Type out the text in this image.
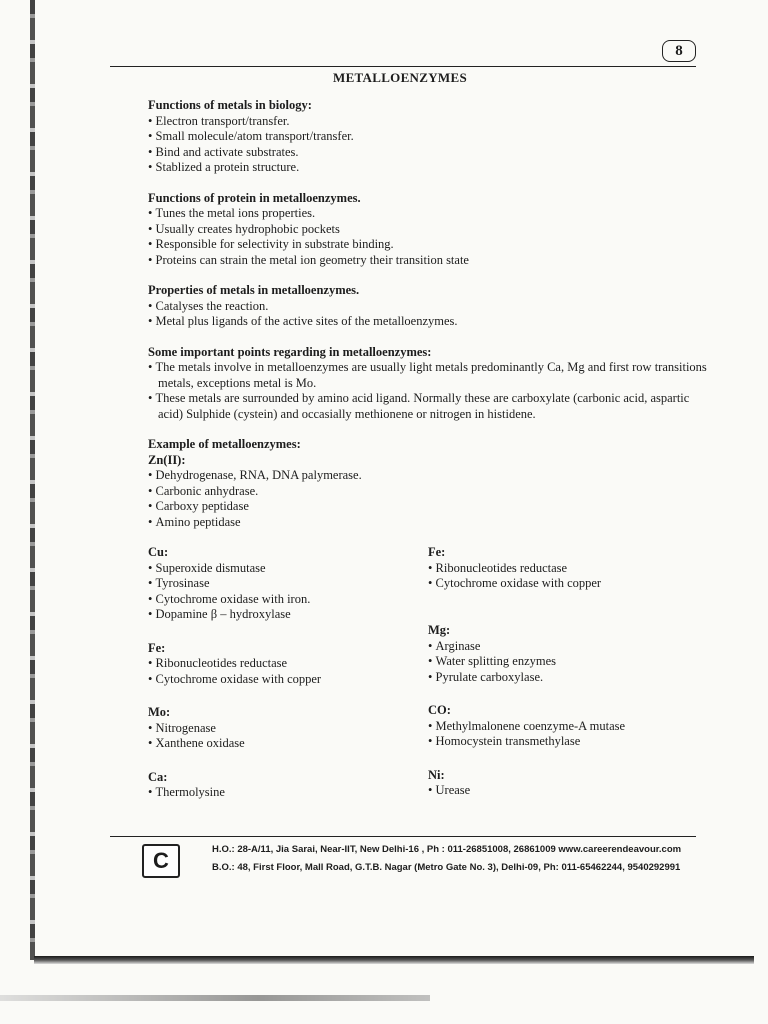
8
METALLOENZYMES
Functions of metals in biology:
• Electron transport/transfer.
• Small molecule/atom transport/transfer.
• Bind and activate substrates.
• Stablized a protein structure.
Functions of protein in metalloenzymes.
• Tunes the metal ions properties.
• Usually creates hydrophobic pockets
• Responsible for selectivity in substrate binding.
• Proteins can strain the metal ion geometry their transition state
Properties of metals in metalloenzymes.
• Catalyses the reaction.
• Metal plus ligands of the active sites of the metalloenzymes.
Some important points regarding in metalloenzymes:
• The metals involve in metalloenzymes are usually light metals predominantly Ca, Mg and first row transitions metals, exceptions metal is Mo.
• These metals are surrounded by amino acid ligand. Normally these are carboxylate (carbonic acid, aspartic acid) Sulphide (cystein) and occasially methionene or nitrogen in histidene.
Example of metalloenzymes:
Zn(II):
• Dehydrogenase, RNA, DNA palymerase.
• Carbonic anhydrase.
• Carboxy peptidase
• Amino peptidase
Cu:
• Superoxide dismutase
• Tyrosinase
• Cytochrome oxidase with iron.
• Dopamine β – hydroxylase
Fe:
• Ribonucleotides reductase
• Cytochrome oxidase with copper
Mo:
• Nitrogenase
• Xanthene oxidase
Ca:
• Thermolysine
Fe:
• Ribonucleotides reductase
• Cytochrome oxidase with copper
Mg:
• Arginase
• Water splitting enzymes
• Pyrulate carboxylase.
CO:
• Methylmalonene coenzyme-A mutase
• Homocystein transmethylase
Ni:
• Urease
C	H.O.: 28-A/11, Jia Sarai, Near-IIT, New Delhi-16 , Ph : 011-26851008, 26861009 www.careerendeavour.com
B.O.: 48, First Floor, Mall Road, G.T.B. Nagar (Metro Gate No. 3), Delhi-09, Ph: 011-65462244, 9540292991
